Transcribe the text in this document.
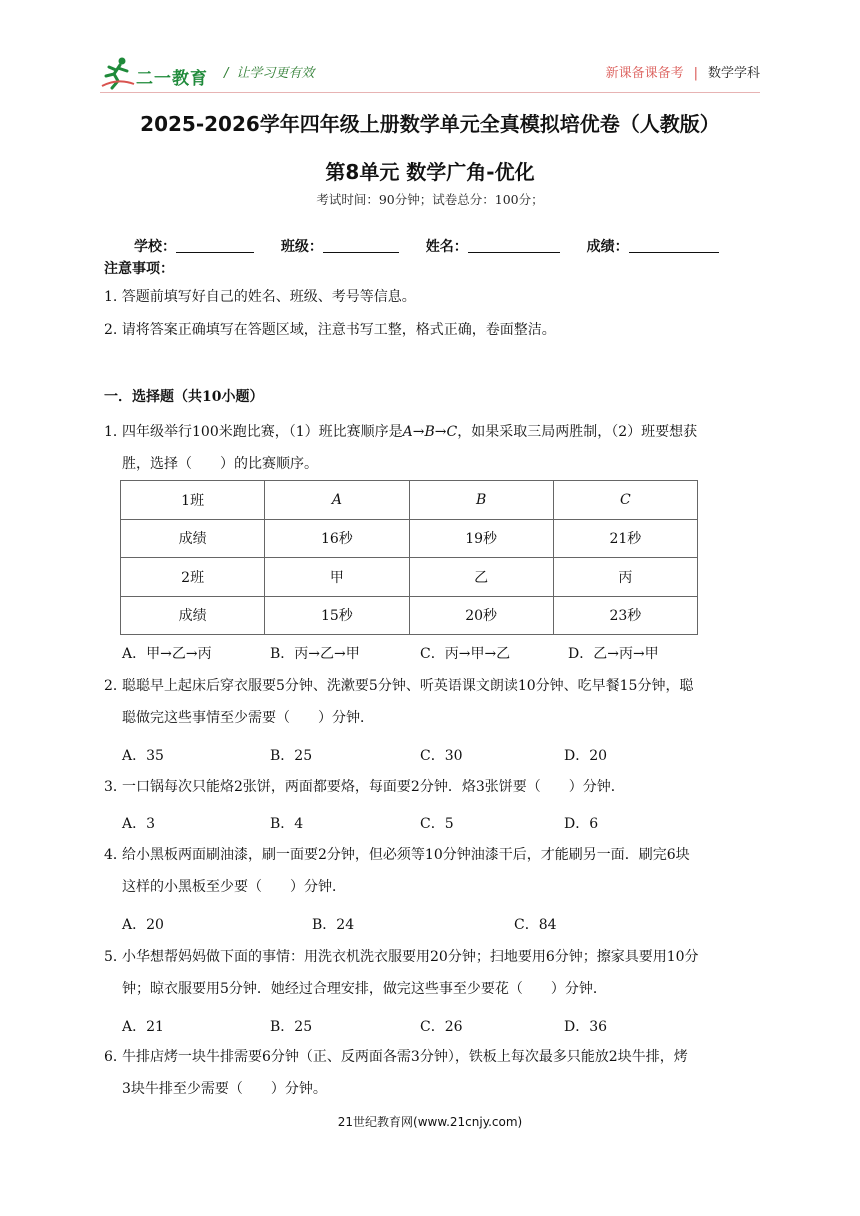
二一教育 / 让学习更有效	新课备课备考 | 数学学科
2025-2026学年四年级上册数学单元全真模拟培优卷（人教版）
第8单元 数学广角-优化
考试时间：90分钟；试卷总分：100分；
学校：	班级：	姓名：	成绩：
注意事项：
1. 答题前填写好自己的姓名、班级、考号等信息。
2. 请将答案正确填写在答题区域，注意书写工整，格式正确，卷面整洁。
一．选择题（共10小题）
1．四年级举行100米跑比赛，（1）班比赛顺序是A→B→C，如果采取三局两胜制，（2）班要想获
胜，选择（　　）的比赛顺序。
1班	A	B	C
成绩	16秒	19秒	21秒
2班	甲	乙	丙
成绩	15秒	20秒	23秒
A．甲→乙→丙	B．丙→乙→甲	C．丙→甲→乙	D．乙→丙→甲
2．聪聪早上起床后穿衣服要5分钟、洗漱要5分钟、听英语课文朗读10分钟、吃早餐15分钟，聪
聪做完这些事情至少需要（　　）分钟．
A．35	B．25	C．30	D．20
3．一口锅每次只能烙2张饼，两面都要烙，每面要2分钟．烙3张饼要（　　）分钟．
A．3	B．4	C．5	D．6
4．给小黑板两面刷油漆，刷一面要2分钟，但必须等10分钟油漆干后，才能刷另一面．刷完6块
这样的小黑板至少要（　　）分钟．
A．20	B．24	C．84
5．小华想帮妈妈做下面的事情：用洗衣机洗衣服要用20分钟；扫地要用6分钟；擦家具要用10分
钟；晾衣服要用5分钟．她经过合理安排，做完这些事至少要花（　　）分钟．
A．21	B．25	C．26	D．36
6．牛排店烤一块牛排需要6分钟（正、反两面各需3分钟），铁板上每次最多只能放2块牛排，烤
3块牛排至少需要（　　）分钟。
21世纪教育网(www.21cnjy.com)
